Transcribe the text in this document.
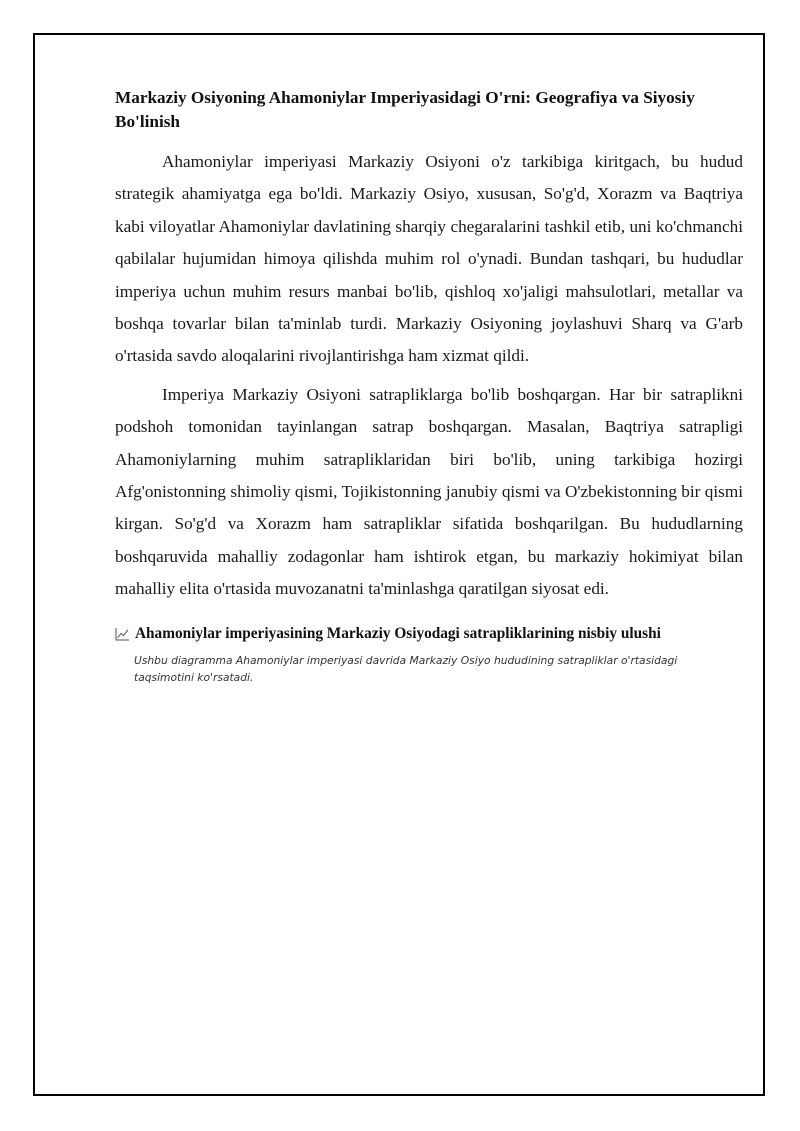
Markaziy Osiyoning Ahamoniylar Imperiyasidagi O'rni: Geografiya va Siyosiy Bo'linish

Ahamoniylar imperiyasi Markaziy Osiyoni o'z tarkibiga kiritgach, bu hudud strategik ahamiyatga ega bo'ldi. Markaziy Osiyo, xususan, So'g'd, Xorazm va Baqtriya kabi viloyatlar Ahamoniylar davlatining sharqiy chegaralarini tashkil etib, uni ko'chmanchi qabilalar hujumidan himoya qilishda muhim rol o'ynadi. Bundan tashqari, bu hududlar imperiya uchun muhim resurs manbai bo'lib, qishloq xo'jaligi mahsulotlari, metallar va boshqa tovarlar bilan ta'minlab turdi. Markaziy Osiyoning joylashuvi Sharq va G'arb o'rtasida savdo aloqalarini rivojlantirishga ham xizmat qildi.

Imperiya Markaziy Osiyoni satrapliklarga bo'lib boshqargan. Har bir satraplikni podshoh tomonidan tayinlangan satrap boshqargan. Masalan, Baqtriya satrapligi Ahamoniylarning muhim satrapliklaridan biri bo'lib, uning tarkibiga hozirgi Afg'onistonning shimoliy qismi, Tojikistonning janubiy qismi va O'zbekistonning bir qismi kirgan. So'g'd va Xorazm ham satrapliklar sifatida boshqarilgan. Bu hududlarning boshqaruvida mahalliy zodagonlar ham ishtirok etgan, bu markaziy hokimiyat bilan mahalliy elita o'rtasida muvozanatni ta'minlashga qaratilgan siyosat edi.

Ahamoniylar imperiyasining Markaziy Osiyodagi satrapliklarining nisbiy ulushi
Ushbu diagramma Ahamoniylar imperiyasi davrida Markaziy Osiyo hududining satrapliklar o'rtasidagi taqsimotini ko'rsatadi.
